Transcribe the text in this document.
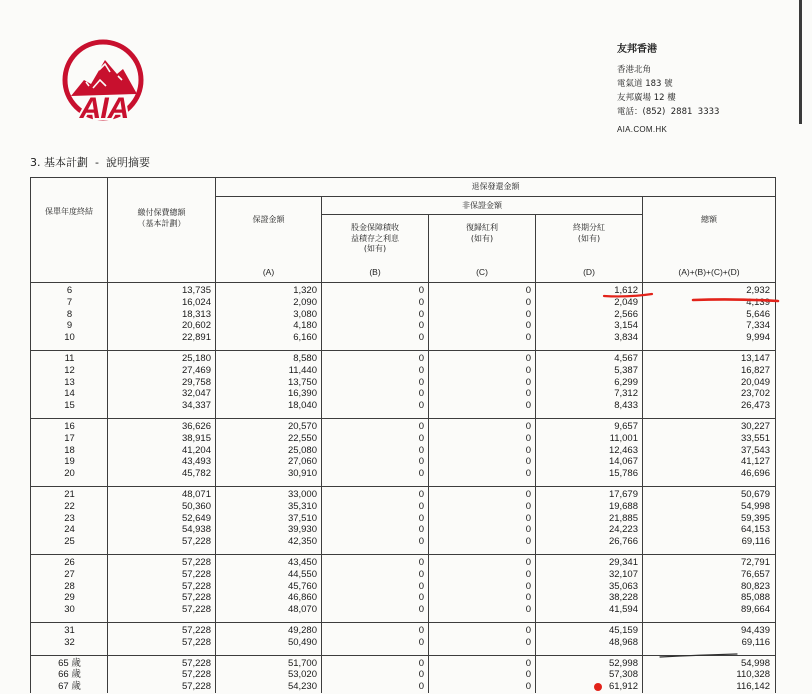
AIA
友邦香港
香港北角
電氣道 183 號
友邦廣場 12 樓
電話：(852)  2881  3333
AIA.COM.HK
3. 基本計劃  -  說明摘要
保單年度終結	繳付保費總額
（基本計劃）
退保發還金額
保證金額
(A)
非保證金額
股金保障積收
益積存之利息
(如有)
(B)
復歸紅利
(如有)
(C)
終期分紅
(如有)
(D)
總額
(A)+(B)+(C)+(D)
6	13,735	1,320	0	0	1,612	2,932
7	16,024	2,090	0	0	2,049	4,139
8	18,313	3,080	0	0	2,566	5,646
9	20,602	4,180	0	0	3,154	7,334
10	22,891	6,160	0	0	3,834	9,994
11	25,180	8,580	0	0	4,567	13,147
12	27,469	11,440	0	0	5,387	16,827
13	29,758	13,750	0	0	6,299	20,049
14	32,047	16,390	0	0	7,312	23,702
15	34,337	18,040	0	0	8,433	26,473
16	36,626	20,570	0	0	9,657	30,227
17	38,915	22,550	0	0	11,001	33,551
18	41,204	25,080	0	0	12,463	37,543
19	43,493	27,060	0	0	14,067	41,127
20	45,782	30,910	0	0	15,786	46,696
21	48,071	33,000	0	0	17,679	50,679
22	50,360	35,310	0	0	19,688	54,998
23	52,649	37,510	0	0	21,885	59,395
24	54,938	39,930	0	0	24,223	64,153
25	57,228	42,350	0	0	26,766	69,116
26	57,228	43,450	0	0	29,341	72,791
27	57,228	44,550	0	0	32,107	76,657
28	57,228	45,760	0	0	35,063	80,823
29	57,228	46,860	0	0	38,228	85,088
30	57,228	48,070	0	0	41,594	89,664
31	57,228	49,280	0	0	45,159	94,439
32	57,228	50,490	0	0	48,968	69,116
65 歲	57,228	51,700	0	0	52,998	54,998
66 歲	57,228	53,020	0	0	57,308	110,328
67 歲	57,228	54,230	0	0	61,912	116,142
